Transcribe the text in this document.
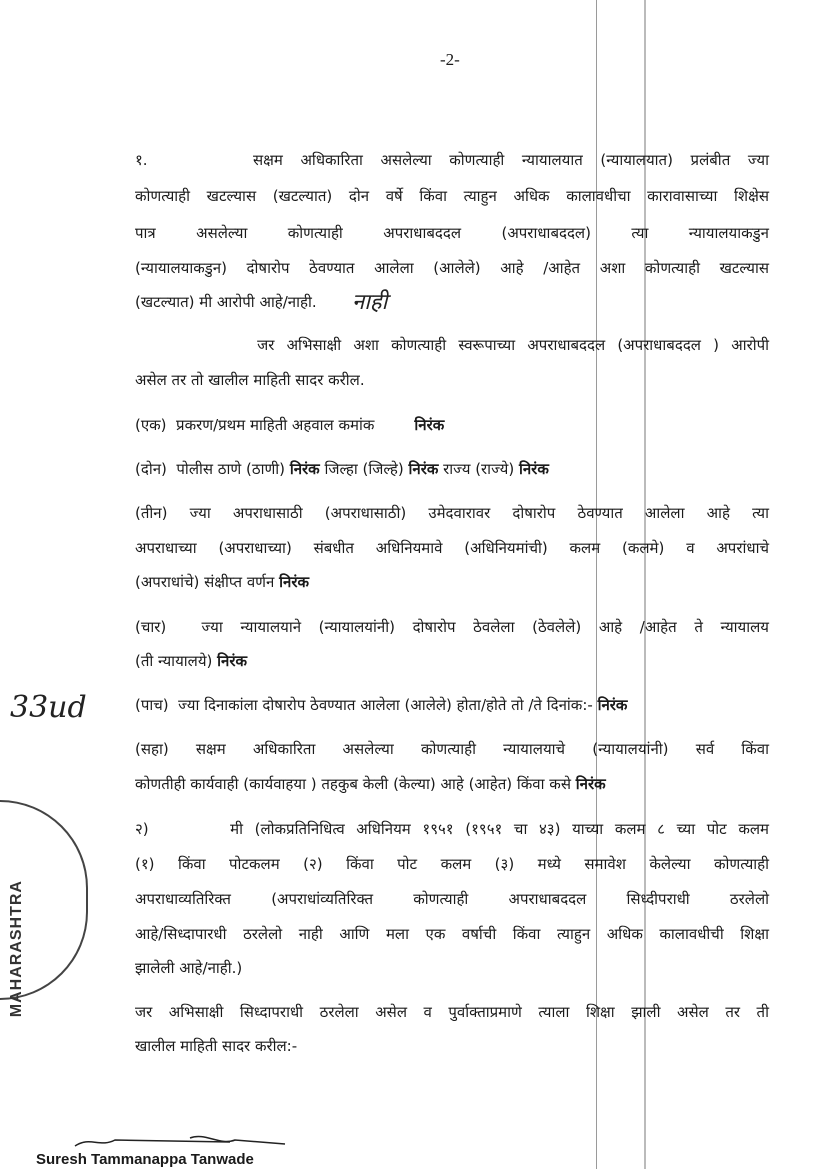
-2-
१.      सक्षम अधिकारिता असलेल्या कोणत्याही न्यायालयात (न्यायालयात) प्रलंबीत ज्या
कोणत्याही खटल्यास (खटल्यात) दोन वर्षे किंवा त्याहुन अधिक कालावधीचा कारावासाच्या शिक्षेस
पात्र असलेल्या कोणत्याही अपराधाबददल (अपराधाबददल) त्या न्यायालयाकडुन
(न्यायालयाकडुन) दोषारोप ठेवण्यात आलेला (आलेले) आहे /आहेत अशा कोणत्याही खटल्यास
(खटल्यात) मी आरोपी आहे/नाही.
जर अभिसाक्षी अशा कोणत्याही स्वरूपाच्या अपराधाबददल (अपराधाबददल ) आरोपी
असेल तर तो खालील माहिती सादर करील.
(एक)  प्रकरण/प्रथम माहिती अहवाल कमांक	निरंक
(दोन)  पोलीस ठाणे (ठाणी) निरंक जिल्हा (जिल्हे) निरंक राज्य (राज्ये) निरंक
(तीन) ज्या अपराधासाठी (अपराधासाठी) उमेदवारावर दोषारोप ठेवण्यात आलेला आहे त्या
अपराधाच्या (अपराधाच्या) संबधीत अधिनियमावे (अधिनियमांची) कलम (कलमे) व अपरांधाचे
(अपराधांचे) संक्षीप्त वर्णन निरंक
(चार)  ज्या न्यायालयाने (न्यायालयांनी) दोषारोप ठेवलेला (ठेवलेले) आहे /आहेत ते न्यायालय
(ती न्यायालये) निरंक
(पाच)  ज्या दिनाकांला दोषारोप ठेवण्यात आलेला (आलेले) होता/होते तो /ते दिनांक:- निरंक
(सहा) सक्षम अधिकारिता असलेल्या कोणत्याही न्यायालयाचे (न्यायालयांनी) सर्व किंवा
कोणतीही कार्यवाही (कार्यवाहया ) तहकुब केली (केल्या) आहे (आहेत) किंवा कसे निरंक
२)       मी (लोकप्रतिनिधित्व अधिनियम १९५१ (१९५१ चा ४३) याच्या कलम ८ च्या पोट कलम
(१) किंवा पोटकलम (२) किंवा पोट कलम (३) मध्ये समावेश केलेल्या कोणत्याही
अपराधाव्यतिरिक्त (अपराधांव्यतिरिक्त कोणत्याही अपराधाबददल सिध्दीपराधी ठरलेलो
आहे/सिध्दापारधी ठरलेलो नाही आणि मला एक वर्षाची किंवा त्याहुन अधिक कालावधीची शिक्षा
झालेली आहे/नाही.)
जर अभिसाक्षी सिध्दापराधी ठरलेला असेल व पुर्वाक्ताप्रमाणे त्याला शिक्षा झाली असेल तर ती
खालील माहिती सादर करील:-
नाही
33ud
MAHARASHTRA
Suresh Tammanappa Tanwade
